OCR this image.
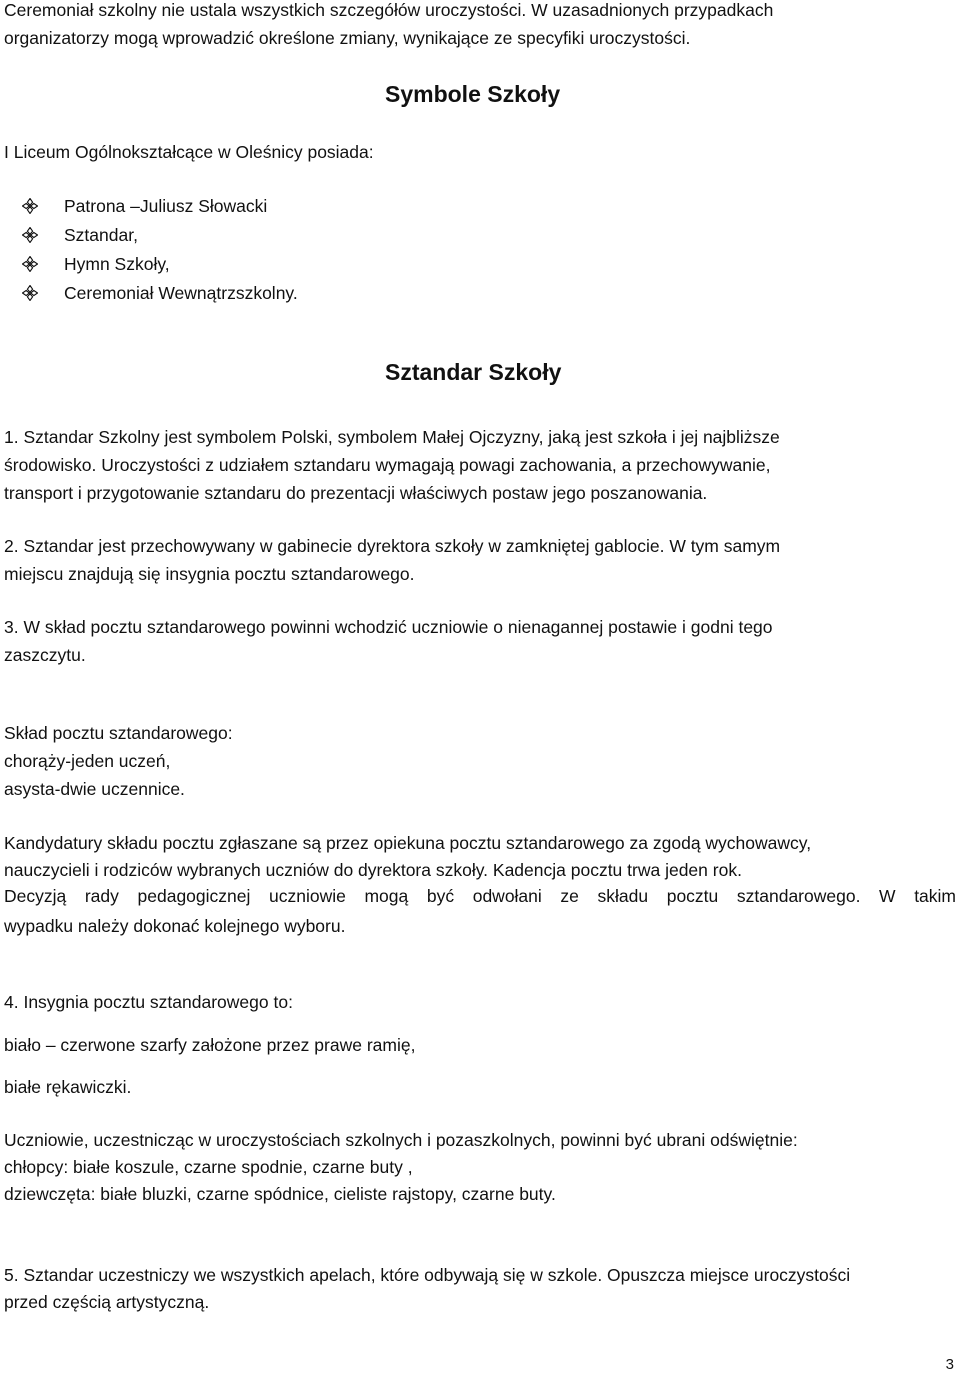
Ceremoniał szkolny nie ustala wszystkich szczegółów uroczystości. W uzasadnionych przypadkach
organizatorzy mogą wprowadzić określone zmiany, wynikające ze specyfiki uroczystości.
Symbole Szkoły
I Liceum Ogólnokształcące w Oleśnicy posiada:
Patrona –Juliusz Słowacki
Sztandar,
Hymn Szkoły,
Ceremoniał Wewnątrzszkolny.
Sztandar Szkoły
1. Sztandar Szkolny jest symbolem Polski, symbolem Małej Ojczyzny, jaką jest szkoła i jej najbliższe
środowisko. Uroczystości z udziałem sztandaru wymagają powagi zachowania, a przechowywanie,
transport i przygotowanie sztandaru do prezentacji właściwych postaw jego poszanowania.
2. Sztandar jest przechowywany w gabinecie dyrektora szkoły w zamkniętej gablocie. W tym samym
miejscu znajdują się insygnia pocztu sztandarowego.
3. W skład pocztu sztandarowego powinni wchodzić uczniowie o nienagannej postawie i godni tego
zaszczytu.
Skład pocztu sztandarowego:
chorąży-jeden uczeń,
asysta-dwie uczennice.
Kandydatury składu pocztu zgłaszane są przez opiekuna pocztu sztandarowego za zgodą wychowawcy,
nauczycieli i rodziców wybranych uczniów do dyrektora szkoły. Kadencja pocztu trwa jeden rok.
Decyzją rady pedagogicznej uczniowie mogą być odwołani ze składu pocztu sztandarowego. W takim
wypadku należy dokonać kolejnego wyboru.
4. Insygnia pocztu sztandarowego to:
biało – czerwone szarfy założone przez prawe ramię,
białe rękawiczki.
Uczniowie, uczestnicząc w uroczystościach szkolnych i pozaszkolnych, powinni być ubrani odświętnie:
chłopcy: białe koszule, czarne spodnie, czarne buty ,
dziewczęta: białe bluzki, czarne spódnice, cieliste rajstopy, czarne buty.
5. Sztandar uczestniczy we wszystkich apelach, które odbywają się w szkole. Opuszcza miejsce uroczystości
przed częścią artystyczną.
3
